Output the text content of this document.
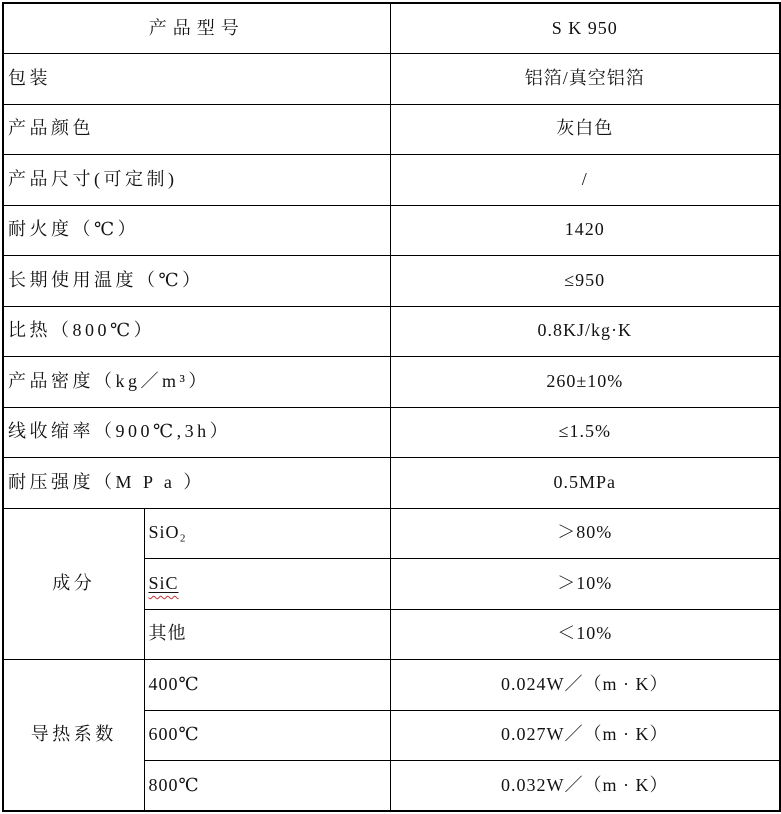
产品型号		S K 950
包装		铝箔/真空铝箔
产品颜色		灰白色
产品尺寸(可定制)		/
耐火度（℃）		1420
长期使用温度（℃）		≤950
比热（800℃）		0.8KJ/kg·K
产品密度（kg／m³）		260±10%
线收缩率（900℃,3h）		≤1.5%
耐压强度（M P a ）		0.5MPa
成分	SiO₂	＞80%
	SiC	＞10%
	其他	＜10%
导热系数	400℃	0.024W／（m · K）
	600℃	0.027W／（m · K）
	800℃	0.032W／（m · K）
